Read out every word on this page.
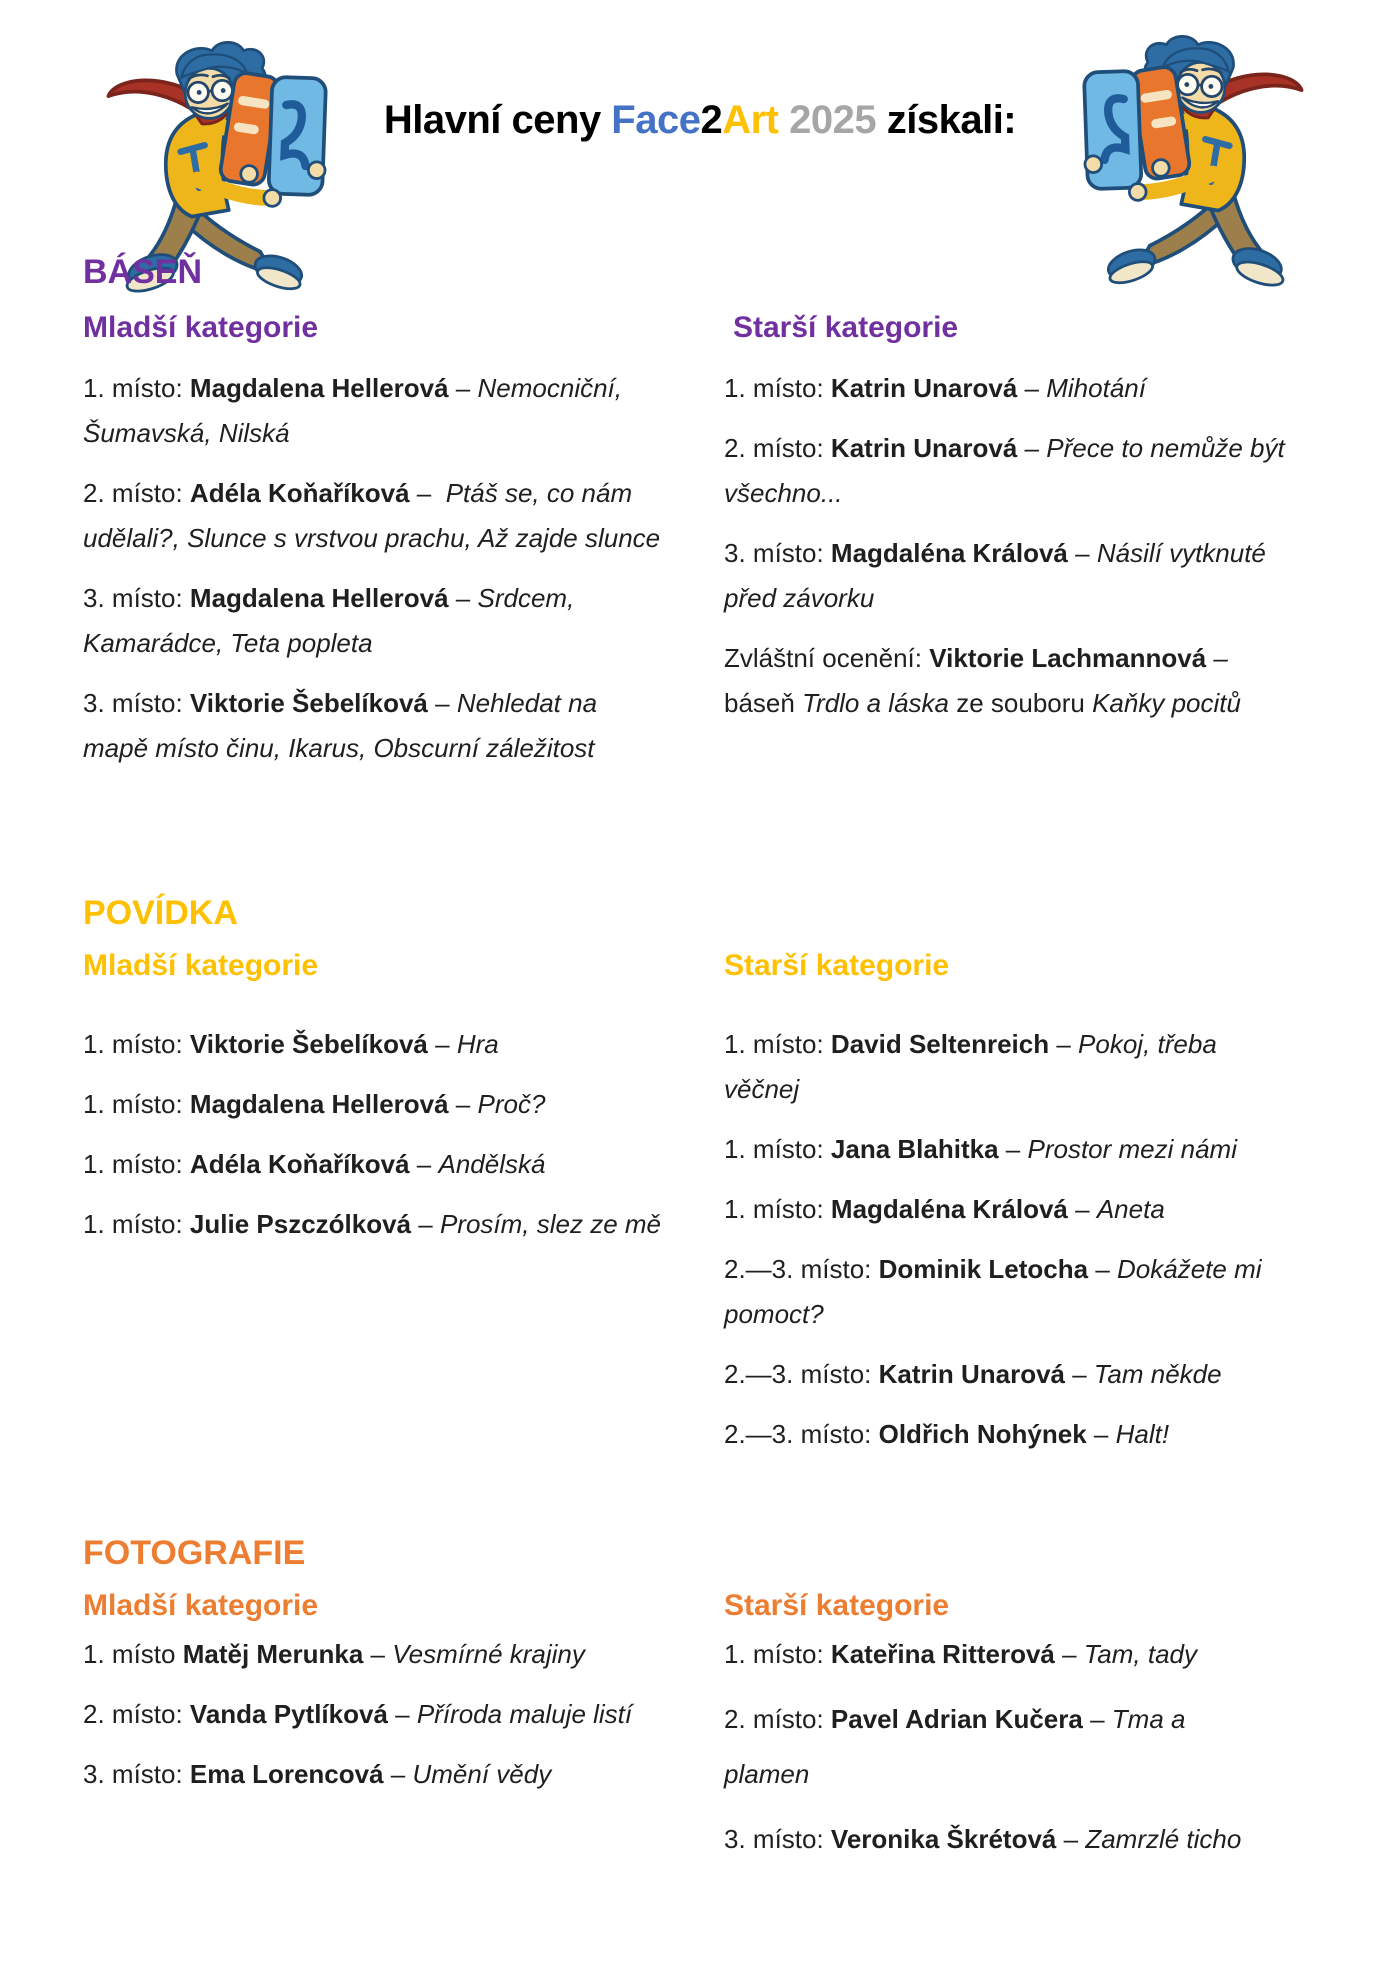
Hlavní ceny Face2Art 2025 získali:
BÁSEŇ
Mladší kategorie

1. místo: Magdalena Hellerová – Nemocniční, Šumavská, Nilská

2. místo: Adéla Koňaříková –  Ptáš se, co nám udělali?, Slunce s vrstvou prachu, Až zajde slunce

3. místo: Magdalena Hellerová – Srdcem, Kamarádce, Teta popleta

3. místo: Viktorie Šebelíková – Nehledat na mapě místo činu, Ikarus, Obscurní záležitost

Starší kategorie

1. místo: Katrin Unarová – Mihotání

2. místo: Katrin Unarová – Přece to nemůže být všechno...

3. místo: Magdaléna Králová – Násilí vytknuté před závorku

Zvláštní ocenění: Viktorie Lachmannová – báseň Trdlo a láska ze souboru Kaňky pocitů

POVÍDKA
Mladší kategorie

1. místo: Viktorie Šebelíková – Hra

1. místo: Magdalena Hellerová – Proč?

1. místo: Adéla Koňaříková – Andělská

1. místo: Julie Pszczólková – Prosím, slez ze mě

Starší kategorie

1. místo: David Seltenreich – Pokoj, třeba věčnej

1. místo: Jana Blahitka – Prostor mezi námi

1. místo: Magdaléna Králová – Aneta

2.—3. místo: Dominik Letocha – Dokážete mi pomoct?

2.—3. místo: Katrin Unarová – Tam někde

2.—3. místo: Oldřich Nohýnek – Halt!

FOTOGRAFIE
Mladší kategorie

1. místo Matěj Merunka – Vesmírné krajiny

2. místo: Vanda Pytlíková – Příroda maluje listí

3. místo: Ema Lorencová – Umění vědy

Starší kategorie

1. místo: Kateřina Ritterová – Tam, tady

2. místo: Pavel Adrian Kučera – Tma a
plamen

3. místo: Veronika Škrétová – Zamrzlé ticho
